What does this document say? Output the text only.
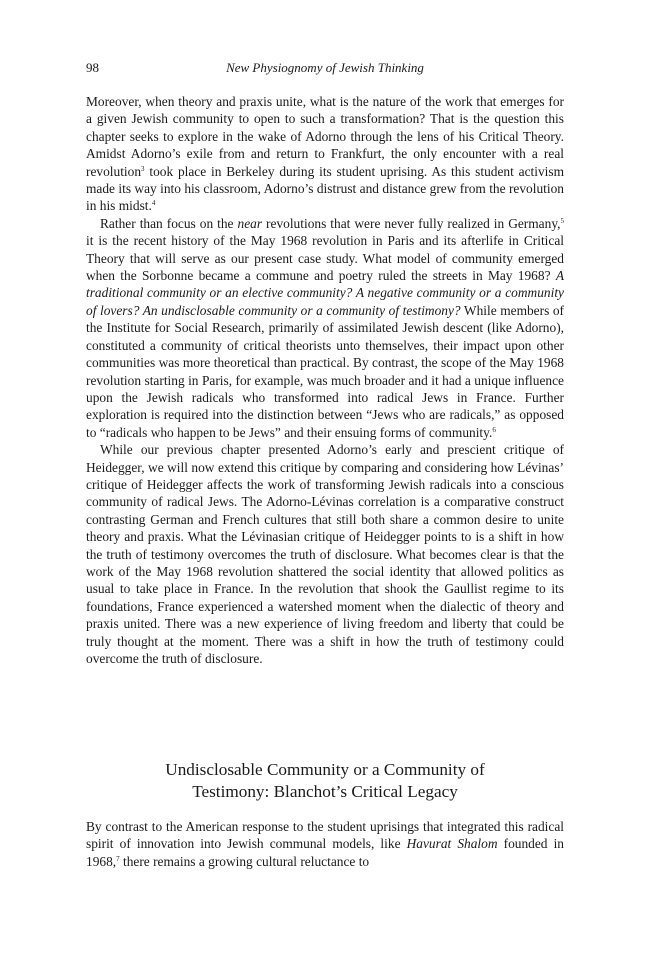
98	New Physiognomy of Jewish Thinking

Moreover, when theory and praxis unite, what is the nature of the work that emerges for a given Jewish community to open to such a transformation? That is the question this chapter seeks to explore in the wake of Adorno through the lens of his Critical Theory. Amidst Adorno’s exile from and return to Frankfurt, the only encounter with a real revolution$^3$ took place in Berkeley during its student uprising. As this student activism made its way into his classroom, Adorno’s distrust and distance grew from the revolution in his midst.$^4$

Rather than focus on the near revolutions that were never fully realized in Germany,$^5$ it is the recent history of the May 1968 revolution in Paris and its afterlife in Critical Theory that will serve as our present case study. What model of community emerged when the Sorbonne became a commune and poetry ruled the streets in May 1968? A traditional community or an elective community? A negative community or a community of lovers? An undisclosable community or a community of testimony? While members of the Institute for Social Research, primarily of assimilated Jewish descent (like Adorno), constituted a community of critical theorists unto themselves, their impact upon other communities was more theoretical than practical. By contrast, the scope of the May 1968 revolution starting in Paris, for example, was much broader and it had a unique influence upon the Jewish radicals who transformed into radical Jews in France. Further exploration is required into the distinction between “Jews who are radicals,” as opposed to “radicals who happen to be Jews” and their ensuing forms of community.$^6$

While our previous chapter presented Adorno’s early and prescient critique of Heidegger, we will now extend this critique by comparing and considering how Lévinas’ critique of Heidegger affects the work of transforming Jewish radicals into a conscious community of radical Jews. The Adorno-Lévinas correlation is a comparative construct contrasting German and French cultures that still both share a common desire to unite theory and praxis. What the Lévinasian critique of Heidegger points to is a shift in how the truth of testimony overcomes the truth of disclosure. What becomes clear is that the work of the May 1968 revolution shattered the social identity that allowed politics as usual to take place in France. In the revolution that shook the Gaullist regime to its foundations, France experienced a watershed moment when the dialectic of theory and praxis united. There was a new experience of living freedom and liberty that could be truly thought at the moment. There was a shift in how the truth of testimony could overcome the truth of disclosure.

Undisclosable Community or a Community of
Testimony: Blanchot’s Critical Legacy

By contrast to the American response to the student uprisings that integrated this radical spirit of innovation into Jewish communal models, like Havurat Shalom founded in 1968,$^7$ there remains a growing cultural reluctance to
